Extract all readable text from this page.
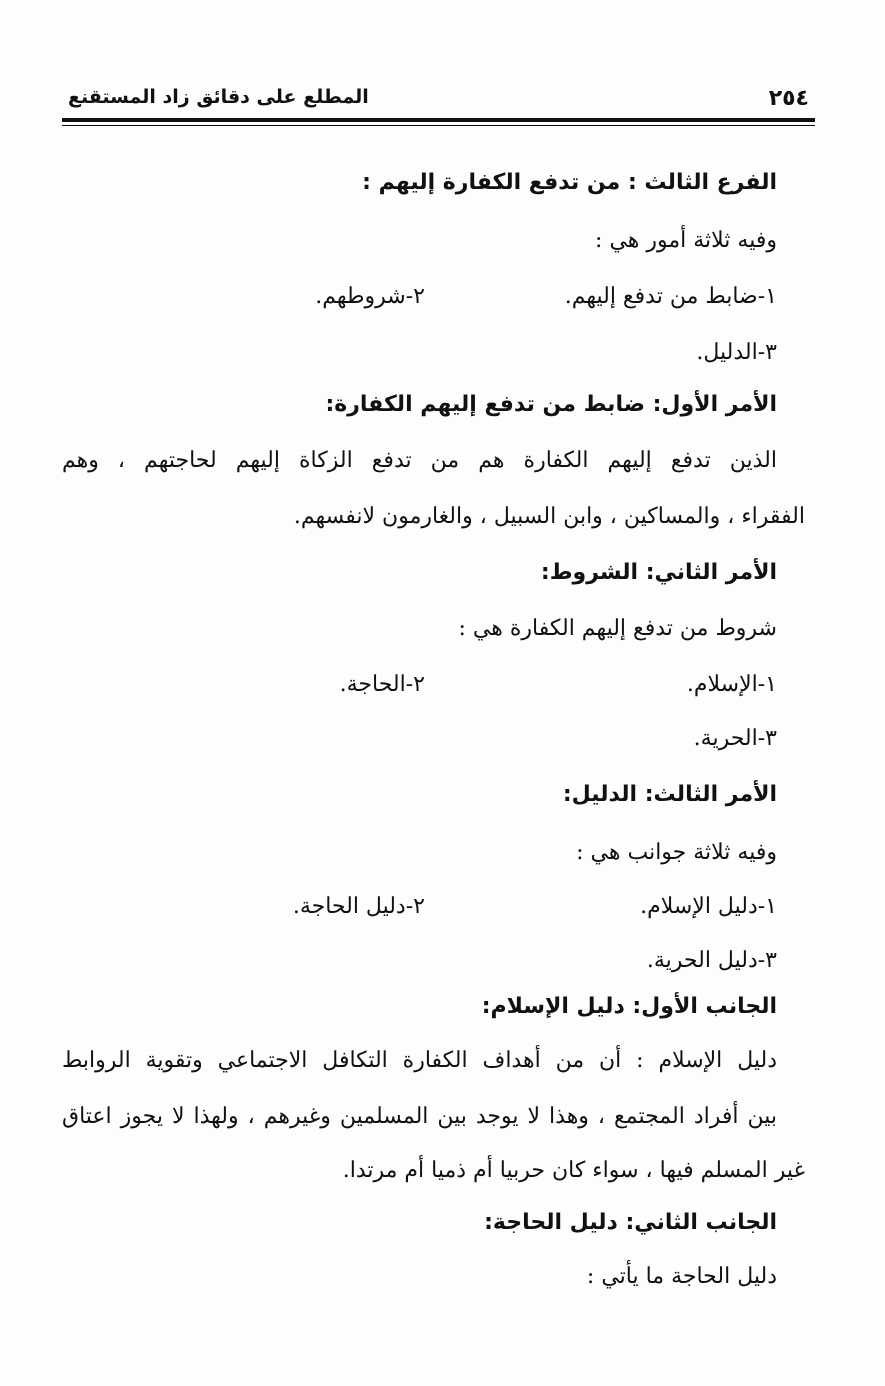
٢٥٤
المطلع على دقائق زاد المستقنع
الفرع الثالث : من تدفع الكفارة إليهم :
وفيه ثلاثة أمور هي :
١-ضابط من تدفع إليهم.
٢-شروطهم.
٣-الدليل.
الأمر الأول: ضابط من تدفع إليهم الكفارة:
الذين تدفع إليهم الكفارة هم من تدفع الزكاة إليهم لحاجتهم ، وهم
الفقراء ، والمساكين ، وابن السبيل ، والغارمون لانفسهم.
الأمر الثاني: الشروط:
شروط من تدفع إليهم الكفارة هي :
١-الإسلام.
٢-الحاجة.
٣-الحرية.
الأمر الثالث: الدليل:
وفيه ثلاثة جوانب هي :
١-دليل الإسلام.
٢-دليل الحاجة.
٣-دليل الحرية.
الجانب الأول: دليل الإسلام:
دليل الإسلام : أن من أهداف الكفارة التكافل الاجتماعي وتقوية الروابط
بين أفراد المجتمع ، وهذا لا يوجد بين المسلمين وغيرهم ، ولهذا لا يجوز اعتاق
غير المسلم فيها ، سواء كان حربيا أم ذميا أم مرتدا.
الجانب الثاني: دليل الحاجة:
دليل الحاجة ما يأتي :
